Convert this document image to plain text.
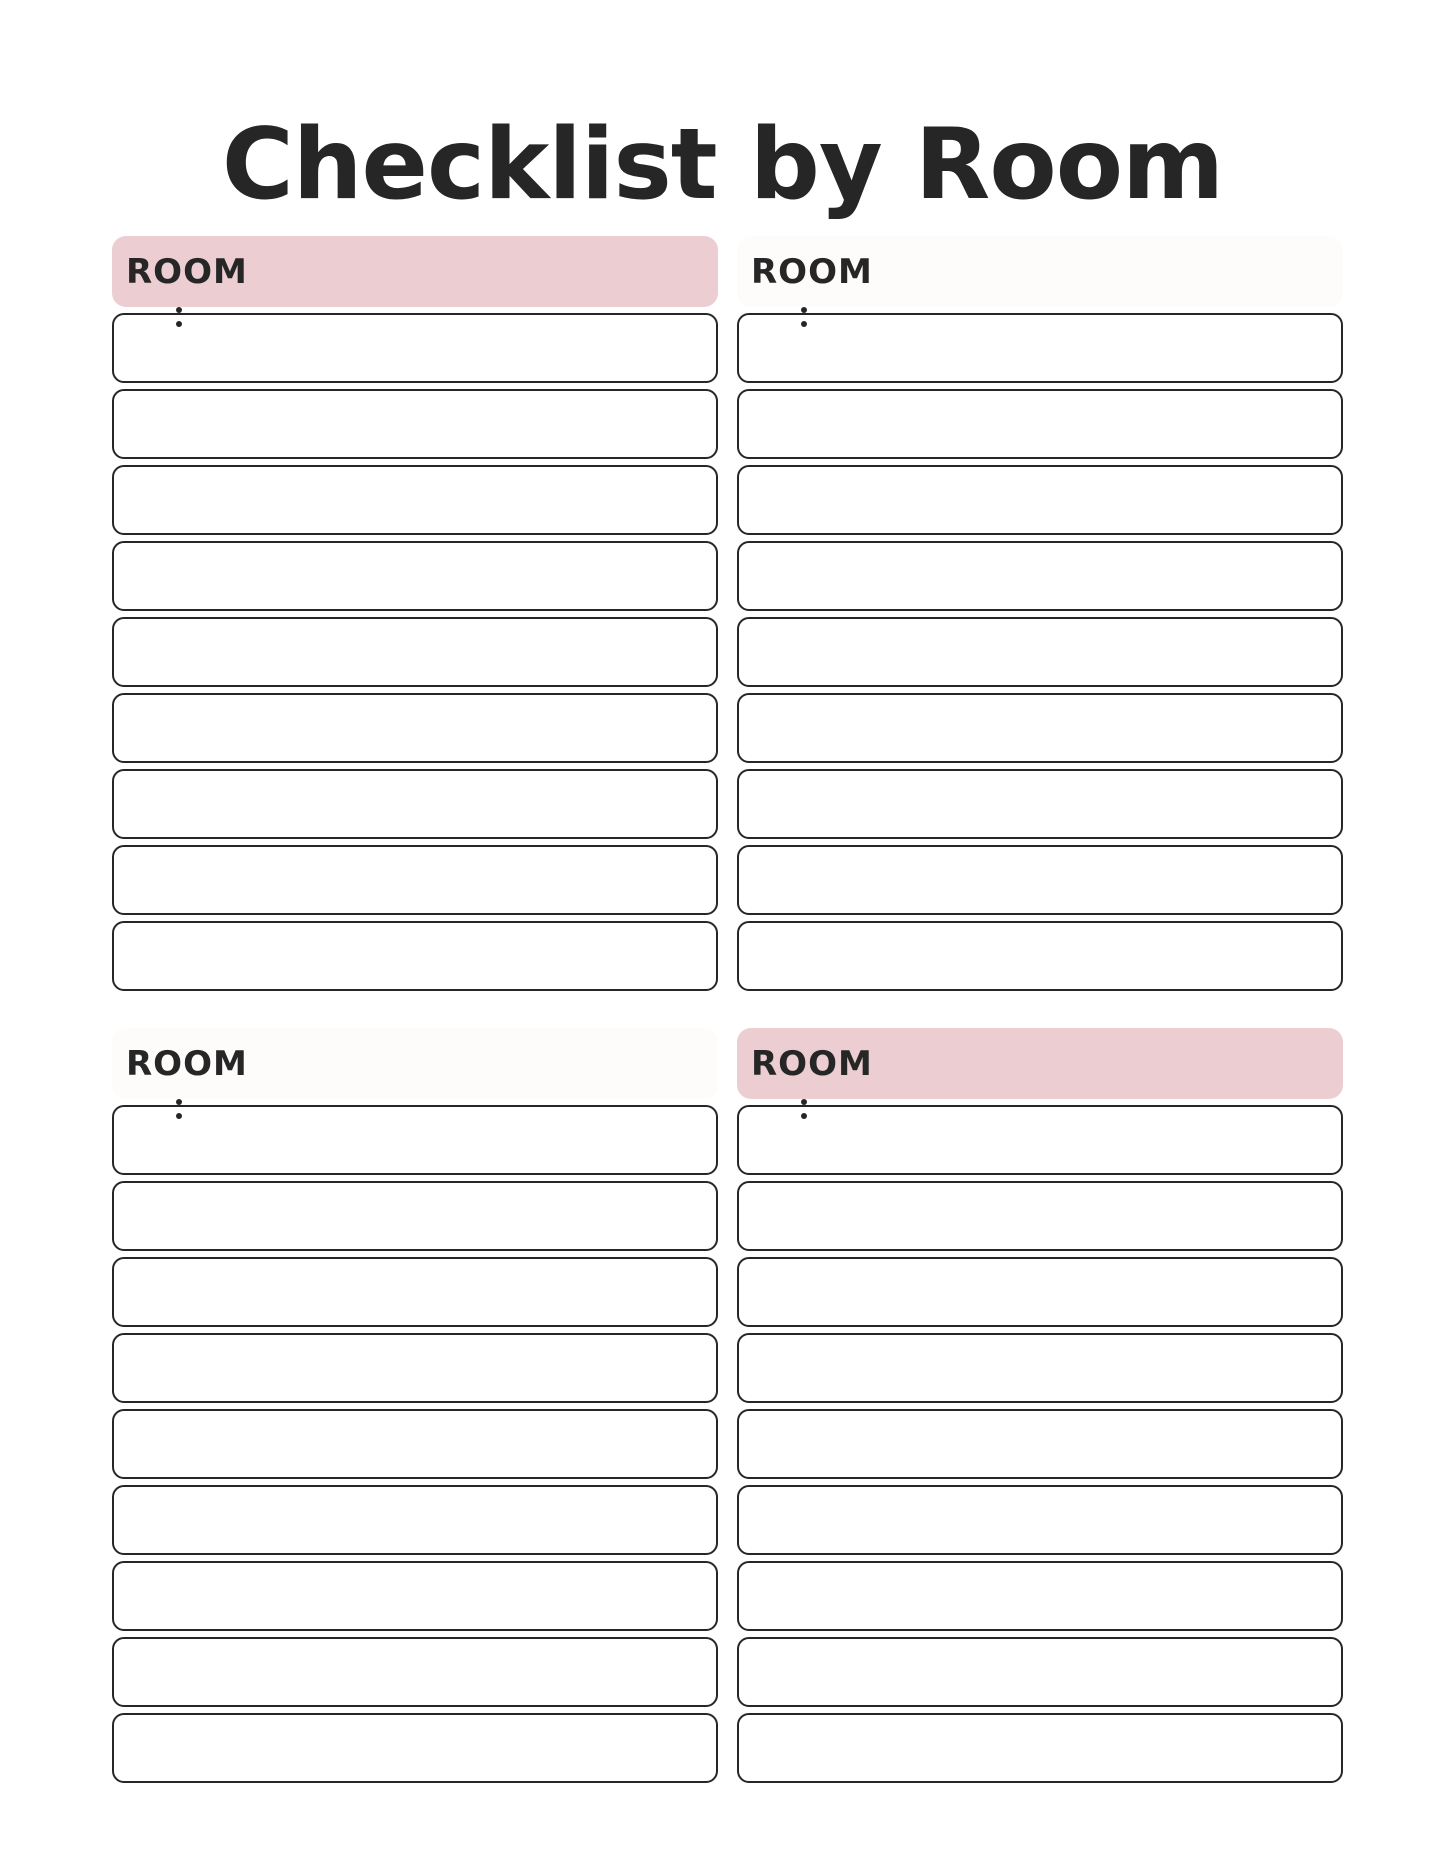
Checklist by Room
ROOM	ROOM
ROOM	ROOM
